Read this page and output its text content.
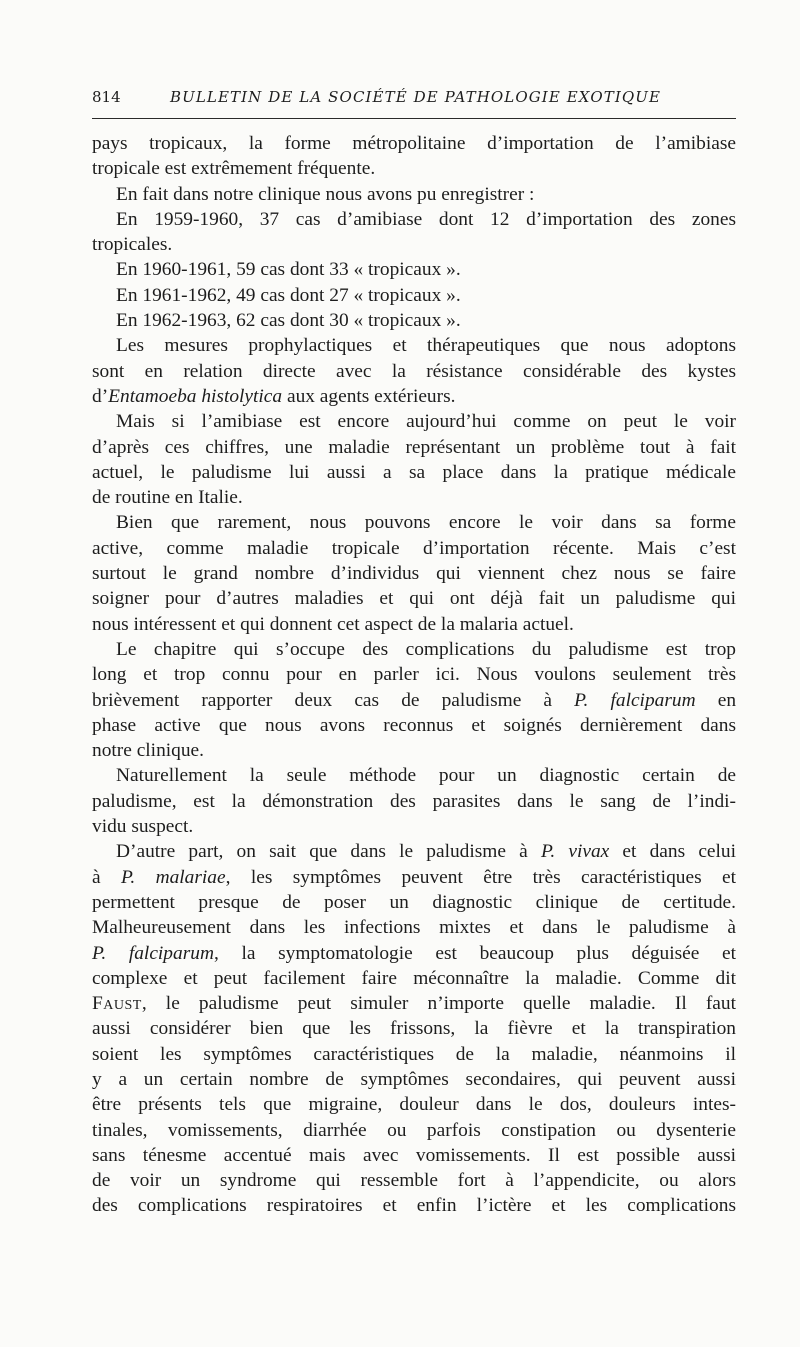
814	BULLETIN DE LA SOCIÉTÉ DE PATHOLOGIE EXOTIQUE
pays tropicaux, la forme métropolitaine d’importation de l’amibiase
tropicale est extrêmement fréquente.
En fait dans notre clinique nous avons pu enregistrer :
En 1959-1960, 37 cas d’amibiase dont 12 d’importation des zones
tropicales.
En 1960-1961, 59 cas dont 33 « tropicaux ».
En 1961-1962, 49 cas dont 27 « tropicaux ».
En 1962-1963, 62 cas dont 30 « tropicaux ».
Les mesures prophylactiques et thérapeutiques que nous adoptons
sont en relation directe avec la résistance considérable des kystes
d’Entamoeba histolytica aux agents extérieurs.
Mais si l’amibiase est encore aujourd’hui comme on peut le voir
d’après ces chiffres, une maladie représentant un problème tout à fait
actuel, le paludisme lui aussi a sa place dans la pratique médicale
de routine en Italie.
Bien que rarement, nous pouvons encore le voir dans sa forme
active, comme maladie tropicale d’importation récente. Mais c’est
surtout le grand nombre d’individus qui viennent chez nous se faire
soigner pour d’autres maladies et qui ont déjà fait un paludisme qui
nous intéressent et qui donnent cet aspect de la malaria actuel.
Le chapitre qui s’occupe des complications du paludisme est trop
long et trop connu pour en parler ici. Nous voulons seulement très
brièvement rapporter deux cas de paludisme à P. falciparum en
phase active que nous avons reconnus et soignés dernièrement dans
notre clinique.
Naturellement la seule méthode pour un diagnostic certain de
paludisme, est la démonstration des parasites dans le sang de l’indi-
vidu suspect.
D’autre part, on sait que dans le paludisme à P. vivax et dans celui
à P. malariae, les symptômes peuvent être très caractéristiques et
permettent presque de poser un diagnostic clinique de certitude.
Malheureusement dans les infections mixtes et dans le paludisme à
P. falciparum, la symptomatologie est beaucoup plus déguisée et
complexe et peut facilement faire méconnaître la maladie. Comme dit
Faust, le paludisme peut simuler n’importe quelle maladie. Il faut
aussi considérer bien que les frissons, la fièvre et la transpiration
soient les symptômes caractéristiques de la maladie, néanmoins il
y a un certain nombre de symptômes secondaires, qui peuvent aussi
être présents tels que migraine, douleur dans le dos, douleurs intes-
tinales, vomissements, diarrhée ou parfois constipation ou dysenterie
sans ténesme accentué mais avec vomissements. Il est possible aussi
de voir un syndrome qui ressemble fort à l’appendicite, ou alors
des complications respiratoires et enfin l’ictère et les complications
